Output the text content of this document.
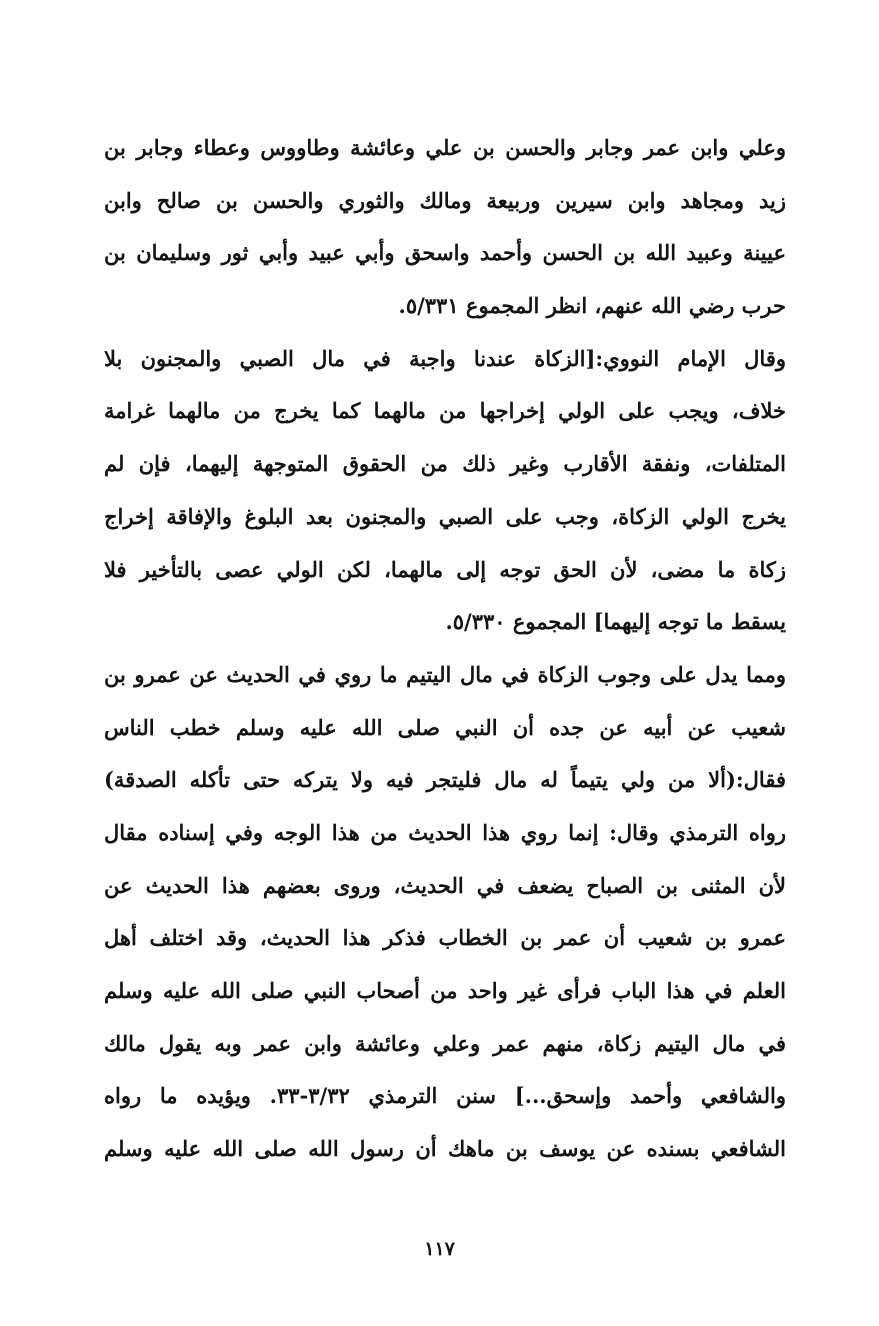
وعلي وابن عمر وجابر والحسن بن علي وعائشة وطاووس وعطاء وجابر بن
زيد ومجاهد وابن سيرين وربيعة ومالك والثوري والحسن بن صالح وابن
عيينة وعبيد الله بن الحسن وأحمد واسحق وأبي عبيد وأبي ثور وسليمان بن
حرب رضي الله عنهم، انظر المجموع ٥/٣٣١.
وقال الإمام النووي:[الزكاة عندنا واجبة في مال الصبي والمجنون بلا
خلاف، ويجب على الولي إخراجها من مالهما كما يخرج من مالهما غرامة
المتلفات، ونفقة الأقارب وغير ذلك من الحقوق المتوجهة إليهما، فإن لم
يخرج الولي الزكاة، وجب على الصبي والمجنون بعد البلوغ والإفاقة إخراج
زكاة ما مضى، لأن الحق توجه إلى مالهما، لكن الولي عصى بالتأخير فلا
يسقط ما توجه إليهما] المجموع ٥/٣٣٠.
ومما يدل على وجوب الزكاة في مال اليتيم ما روي في الحديث عن عمرو بن
شعيب عن أبيه عن جده أن النبي صلى الله عليه وسلم خطب الناس
فقال:(ألا من ولي يتيماً له مال فليتجر فيه ولا يتركه حتى تأكله الصدقة)
رواه الترمذي وقال: إنما روي هذا الحديث من هذا الوجه وفي إسناده مقال
لأن المثنى بن الصباح يضعف في الحديث، وروى بعضهم هذا الحديث عن
عمرو بن شعيب أن عمر بن الخطاب فذكر هذا الحديث، وقد اختلف أهل
العلم في هذا الباب فرأى غير واحد من أصحاب النبي صلى الله عليه وسلم
في مال اليتيم زكاة، منهم عمر وعلي وعائشة وابن عمر وبه يقول مالك
والشافعي وأحمد وإسحق...] سنن الترمذي ٣/٣٢-٣٣. ويؤيده ما رواه
الشافعي بسنده عن يوسف بن ماهك أن رسول الله صلى الله عليه وسلم
١١٧
